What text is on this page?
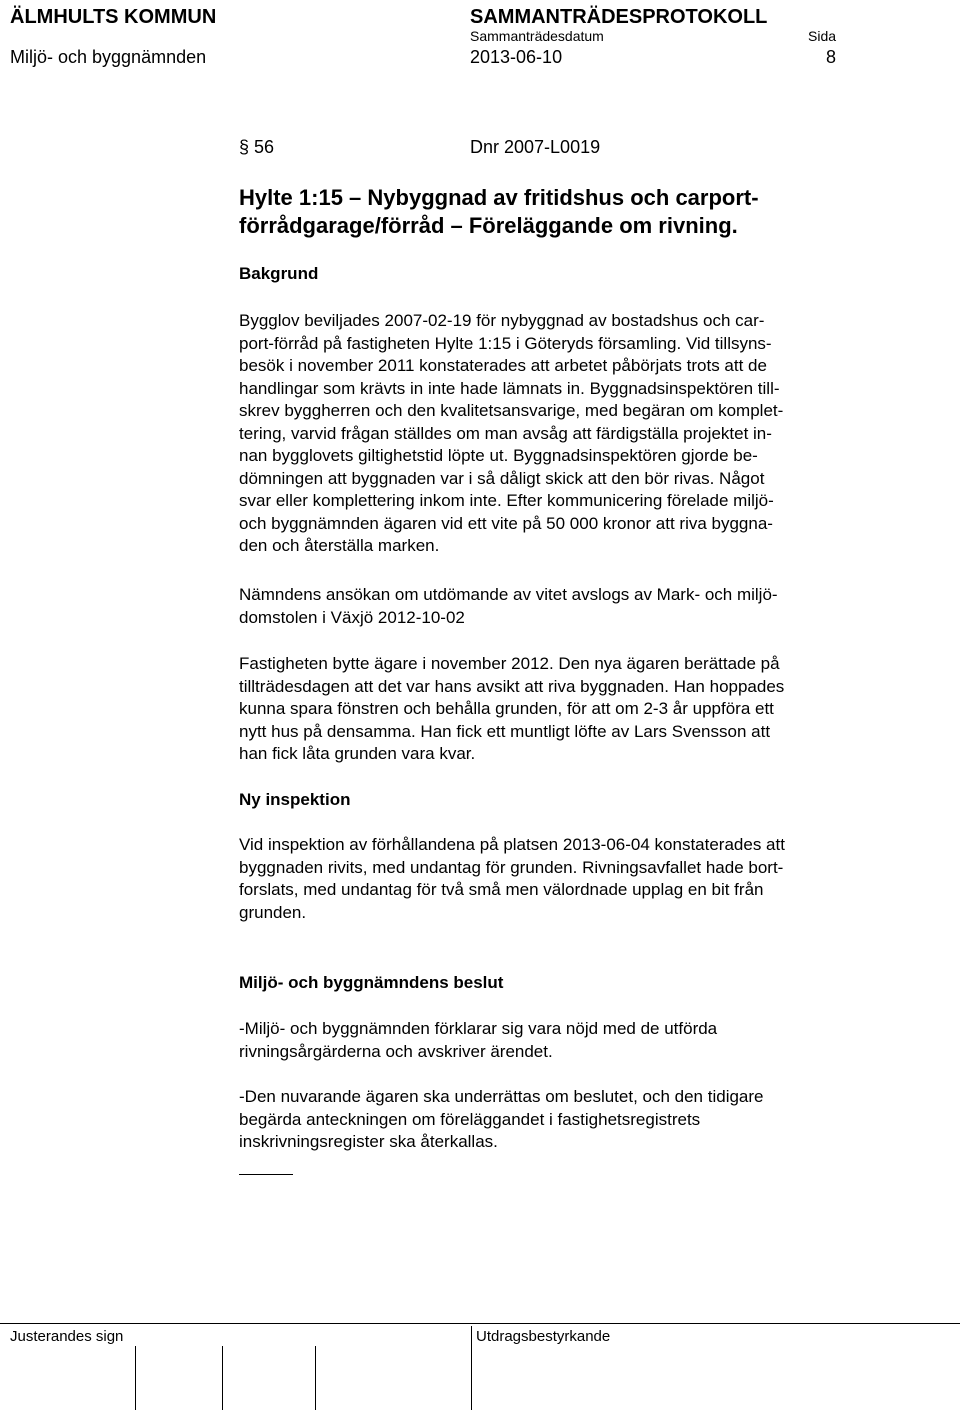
ÄLMHULTS KOMMUN	SAMMANTRÄDESPROTOKOLL
Sammanträdesdatum	Sida
Miljö- och byggnämnden	2013-06-10	8
§ 56	Dnr 2007-L0019
Hylte 1:15 – Nybyggnad av fritidshus och carport-
förrådgarage/förråd – Föreläggande om rivning.
Bakgrund
Bygglov beviljades 2007-02-19 för nybyggnad av bostadshus och car-
port-förråd på fastigheten Hylte 1:15 i Göteryds församling. Vid tillsyns-
besök i november 2011 konstaterades att arbetet påbörjats trots att de
handlingar som krävts in inte hade lämnats in. Byggnadsinspektören till-
skrev byggherren och den kvalitetsansvarige, med begäran om komplet-
tering, varvid frågan ställdes om man avsåg att färdigställa projektet in-
nan bygglovets giltighetstid löpte ut. Byggnadsinspektören gjorde be-
dömningen att byggnaden var i så dåligt skick att den bör rivas. Något
svar eller komplettering inkom inte. Efter kommunicering förelade miljö-
och byggnämnden ägaren vid ett vite på 50 000 kronor att riva byggna-
den och återställa marken.
Nämndens ansökan om utdömande av vitet avslogs av Mark- och miljö-
domstolen i Växjö 2012-10-02
Fastigheten bytte ägare i november 2012. Den nya ägaren berättade på
tillträdesdagen att det var hans avsikt att riva byggnaden. Han hoppades
kunna spara fönstren och behålla grunden, för att om 2-3 år uppföra ett
nytt hus på densamma. Han fick ett muntligt löfte av Lars Svensson att
han fick låta grunden vara kvar.
Ny inspektion
Vid inspektion av förhållandena på platsen 2013-06-04 konstaterades att
byggnaden rivits, med undantag för grunden. Rivningsavfallet hade bort-
forslats, med undantag för två små men välordnade upplag en bit från
grunden.
Miljö- och byggnämndens beslut
-Miljö- och byggnämnden förklarar sig vara nöjd med de utförda
rivningsårgärderna och avskriver ärendet.
-Den nuvarande ägaren ska underrättas om beslutet, och den tidigare
begärda anteckningen om föreläggandet i fastighetsregistrets
inskrivningsregister ska återkallas.
Justerandes sign	Utdragsbestyrkande
